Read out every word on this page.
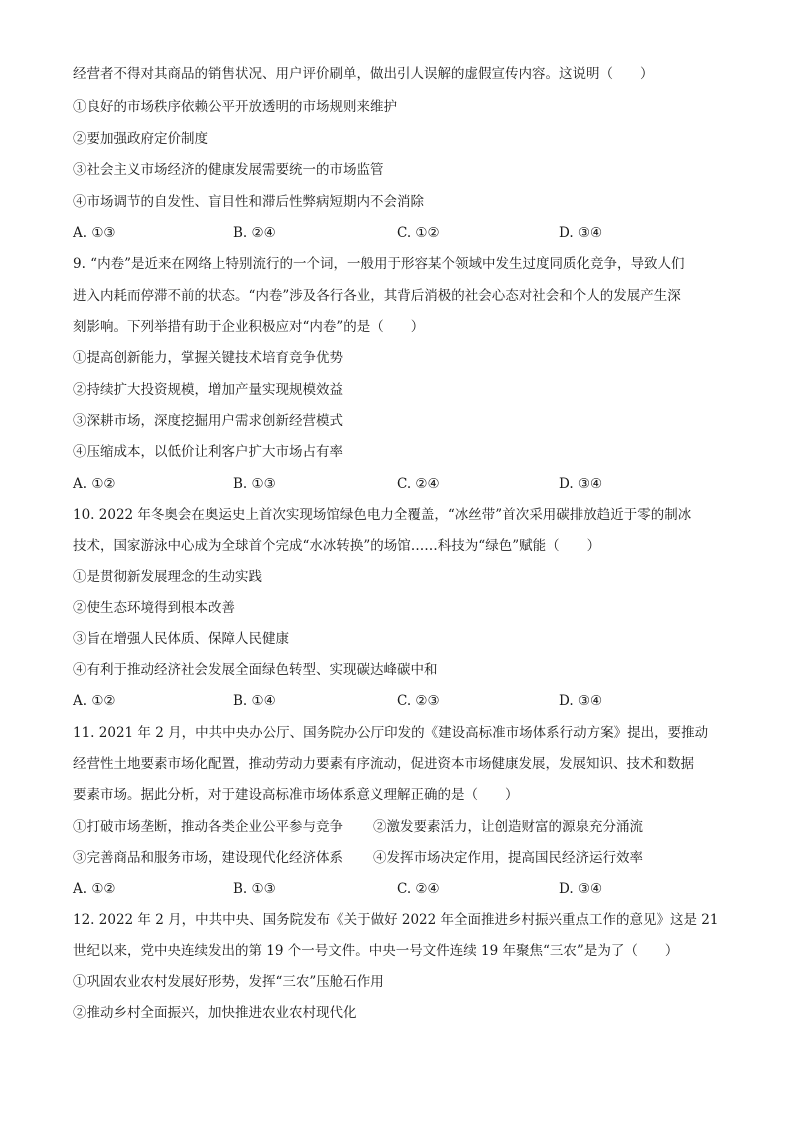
经营者不得对其商品的销售状况、用户评价刷单，做出引人误解的虚假宣传内容。这说明（　　）
①良好的市场秩序依赖公平开放透明的市场规则来维护
②要加强政府定价制度
③社会主义市场经济的健康发展需要统一的市场监管
④市场调节的自发性、盲目性和滞后性弊病短期内不会消除
A. ①③	B. ②④	C. ①②	D. ③④
9. “内卷”是近来在网络上特别流行的一个词，一般用于形容某个领域中发生过度同质化竞争，导致人们
进入内耗而停滞不前的状态。“内卷”涉及各行各业，其背后消极的社会心态对社会和个人的发展产生深
刻影响。下列举措有助于企业积极应对“内卷”的是（　　）
①提高创新能力，掌握关键技术培育竞争优势
②持续扩大投资规模，增加产量实现规模效益
③深耕市场，深度挖掘用户需求创新经营模式
④压缩成本，以低价让利客户扩大市场占有率
A. ①②	B. ①③	C. ②④	D. ③④
10. 2022 年冬奥会在奥运史上首次实现场馆绿色电力全覆盖，“冰丝带”首次采用碳排放趋近于零的制冰
技术，国家游泳中心成为全球首个完成“水冰转换”的场馆……科技为“绿色”赋能（　　）
①是贯彻新发展理念的生动实践
②使生态环境得到根本改善
③旨在增强人民体质、保障人民健康
④有利于推动经济社会发展全面绿色转型、实现碳达峰碳中和
A. ①②	B. ①④	C. ②③	D. ③④
11. 2021 年 2 月，中共中央办公厅、国务院办公厅印发的《建设高标准市场体系行动方案》提出，要推动
经营性土地要素市场化配置，推动劳动力要素有序流动，促进资本市场健康发展，发展知识、技术和数据
要素市场。据此分析，对于建设高标准市场体系意义理解正确的是（　　）
①打破市场垄断，推动各类企业公平参与竞争 ②激发要素活力，让创造财富的源泉充分涌流
③完善商品和服务市场，建设现代化经济体系 ④发挥市场决定作用，提高国民经济运行效率
A. ①②	B. ①③	C. ②④	D. ③④
12. 2022 年 2 月，中共中央、国务院发布《关于做好 2022 年全面推进乡村振兴重点工作的意见》这是 21
世纪以来，党中央连续发出的第 19 个一号文件。中央一号文件连续 19 年聚焦“三农”是为了（　　）
①巩固农业农村发展好形势，发挥“三农”压舱石作用
②推动乡村全面振兴，加快推进农业农村现代化
